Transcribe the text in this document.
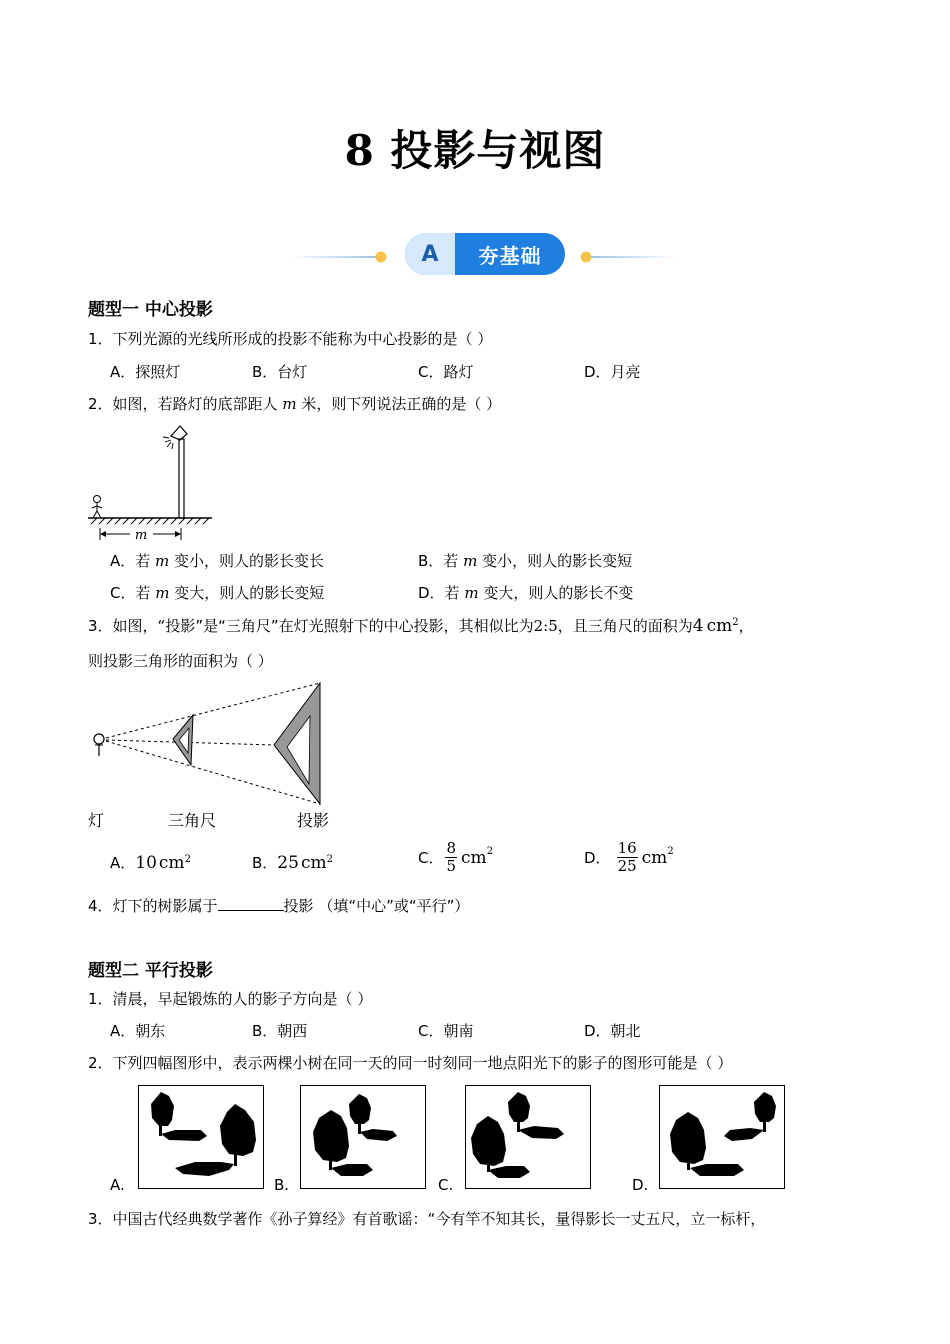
8 投影与视图
A	夯基础
题型一 中心投影
1．下列光源的光线所形成的投影不能称为中心投影的是（ ）
A．探照灯	B．台灯	C．路灯	D．月亮
2．如图，若路灯的底部距人 m 米，则下列说法正确的是（ ）
m
A．若 m 变小，则人的影长变长	B．若 m 变小，则人的影长变短
C．若 m 变大，则人的影长变短	D．若 m 变大，则人的影长不变
3．如图，“投影”是“三角尺”在灯光照射下的中心投影，其相似比为2:5，且三角尺的面积为4 $cm^2$，
则投影三角形的面积为（ ）
灯	三角尺	投影
A．10 $cm^2$	B．25 $cm^2$	C． $\frac{8}{5} cm^2$	D． $\frac{16}{25} cm^2$
4．灯下的树影属于	投影 （填“中心”或“平行”）
题型二 平行投影
1．清晨，早起锻炼的人的影子方向是（ ）
A．朝东	B．朝西	C．朝南	D．朝北
2．下列四幅图形中，表示两棵小树在同一天的同一时刻同一地点阳光下的影子的图形可能是（ ）
A.	B.	C.	D.
3．中国古代经典数学著作《孙子算经》有首歌谣：“今有竿不知其长，量得影长一丈五尺，立一标杆，
